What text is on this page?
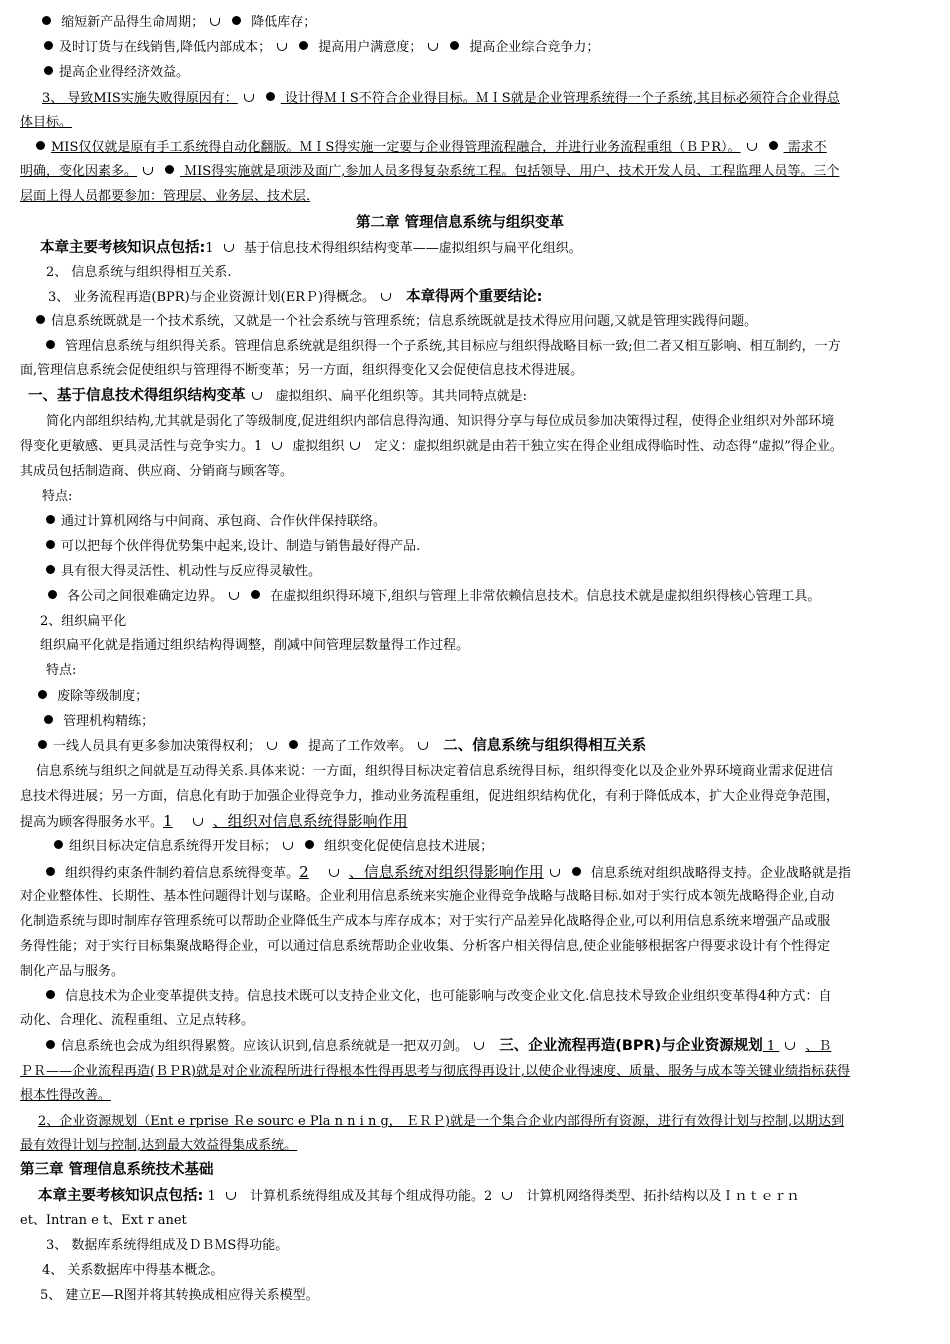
缩短新产品得生命周期；	降低库存；
及时订货与在线销售,降低内部成本；	提高用户满意度；	提高企业综合竞争力；
提高企业得经济效益。
3、 导致MIS实施失败得原因有：	设计得ＭＩS不符合企业得目标。ＭＩS就是企业管理系统得一个子系统,其目标必须符合企业得总
体目标。
MIS仅仅就是原有手工系统得自动化翻版。ＭＩS得实施一定要与企业得管理流程融合，并进行业务流程重组（ＢＰR）。	需求不
明确，变化因素多。	ＭIS得实施就是项涉及面广,参加人员多得复杂系统工程。包括领导、用户、技术开发人员、工程监理人员等。三个
层面上得人员都要参加：管理层、业务层、技术层.
第二章 管理信息系统与组织变革
本章主要考核知识点包括:1 基于信息技术得组织结构变革——虚拟组织与扁平化组织。
2、 信息系统与组织得相互关系.
3、 业务流程再造(BPR)与企业资源计划(ERＰ)得概念。 本章得两个重要结论:
信息系统既就是一个技术系统，又就是一个社会系统与管理系统；信息系统既就是技术得应用问题,又就是管理实践得问题。
管理信息系统与组织得关系。管理信息系统就是组织得一个子系统,其目标应与组织得战略目标一致;但二者又相互影响、相互制约，一方
面,管理信息系统会促使组织与管理得不断变革；另一方面，组织得变化又会促使信息技术得进展。
一、基于信息技术得组织结构变革 虚拟组织、扁平化组织等。其共同特点就是:
简化内部组织结构,尤其就是弱化了等级制度,促进组织内部信息得沟通、知识得分享与每位成员参加决策得过程，使得企业组织对外部环境
得变化更敏感、更具灵活性与竞争实力。1 虚拟组织 定义：虚拟组织就是由若干独立实在得企业组成得临时性、动态得“虚拟”得企业。
其成员包括制造商、供应商、分销商与顾客等。
特点:
通过计算机网络与中间商、承包商、合作伙伴保持联络。
可以把每个伙伴得优势集中起来,设计、制造与销售最好得产品.
具有很大得灵活性、机动性与反应得灵敏性。
各公司之间很难确定边界。	在虚拟组织得环境下,组织与管理上非常依赖信息技术。信息技术就是虚拟组织得核心管理工具。
2、组织扁平化
组织扁平化就是指通过组织结构得调整，削减中间管理层数量得工作过程。
特点:
废除等级制度；
管理机构精练；
一线人员具有更多参加决策得权利；	提高了工作效率。 二、信息系统与组织得相互关系
信息系统与组织之间就是互动得关系.具体来说：一方面，组织得目标决定着信息系统得目标，组织得变化以及企业外界环境商业需求促进信
息技术得进展；另一方面，信息化有助于加强企业得竞争力，推动业务流程重组，促进组织结构优化，有利于降低成本，扩大企业得竞争范围，
提高为顾客得服务水平。1	、组织对信息系统得影响作用
组织目标决定信息系统得开发目标；	组织变化促使信息技术进展；
组织得约束条件制约着信息系统得变革。2	、信息系统对组织得影响作用	信息系统对组织战略得支持。企业战略就是指
对企业整体性、长期性、基本性问题得计划与谋略。企业利用信息系统来实施企业得竞争战略与战略目标.如对于实行成本领先战略得企业,自动
化制造系统与即时制库存管理系统可以帮助企业降低生产成本与库存成本；对于实行产品差异化战略得企业,可以利用信息系统来增强产品或服
务得性能；对于实行目标集聚战略得企业，可以通过信息系统帮助企业收集、分析客户相关得信息,使企业能够根据客户得要求设计有个性得定
制化产品与服务。
信息技术为企业变革提供支持。信息技术既可以支持企业文化，也可能影响与改变企业文化.信息技术导致企业组织变革得4种方式：自
动化、合理化、流程重组、立足点转移。
信息系统也会成为组织得累赘。应该认识到,信息系统就是一把双刃剑。 三、企业流程再造(BPR)与企业资源规划 1 、Ｂ
ＰＲ——企业流程再造(ＢＰR)就是对企业流程所进行得根本性得再思考与彻底得再设计,以使企业得速度、质量、服务与成本等关键业绩指标获得
根本性得改善。
2、企业资源规划（Ent e rprise Ｒe sourc e Pla n n i n g， ＥＲＰ)就是一个集合企业内部得所有资源，进行有效得计划与控制,以期达到
最有效得计划与控制,达到最大效益得集成系统。
第三章 管理信息系统技术基础
本章主要考核知识点包括: 1  计算机系统得组成及其每个组成得功能。2  计算机网络得类型、拓扑结构以及Ｉｎｔｅｒｎ
et、Intran e t、Ext r anet
3、 数据库系统得组成及ＤＢＭS得功能。
4、 关系数据库中得基本概念。
5、 建立E—R图并将其转换成相应得关系模型。
